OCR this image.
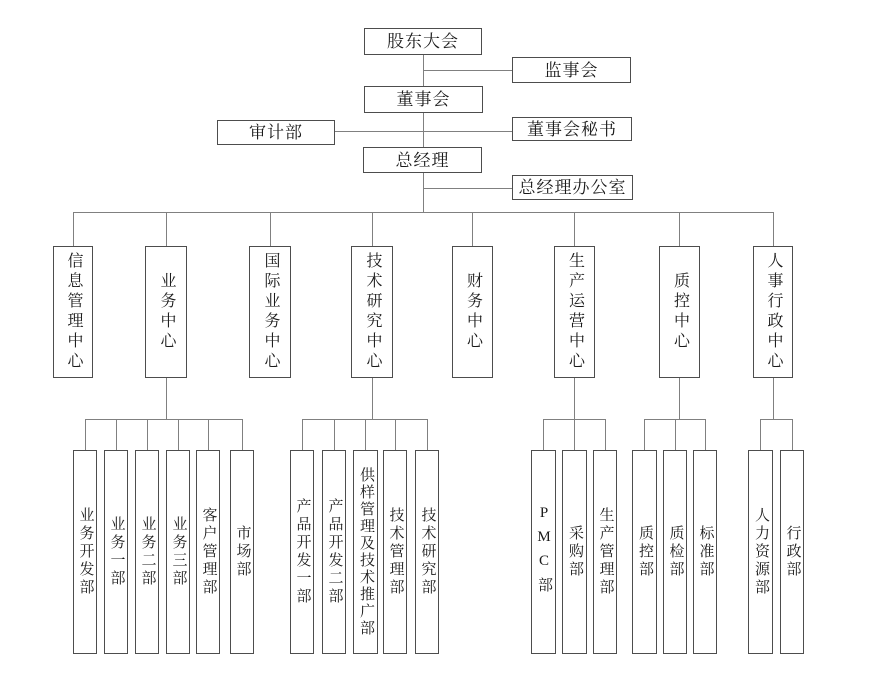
股东大会
监事会
董事会
审计部	董事会秘书
总经理
总经理办公室
信息管理中心	业务中心	国际业务中心	技术研究中心	财务中心	生产运营中心	质控中心	人事行政中心
业务开发部 业务一部 业务二部 业务三部 客户管理部 市场部	产品开发一部 产品开发二部 供样管理及技术推广部 技术管理部 技术研究部	PMC部 采购部 生产管理部 质控部 质检部 标准部	人力资源部 行政部
